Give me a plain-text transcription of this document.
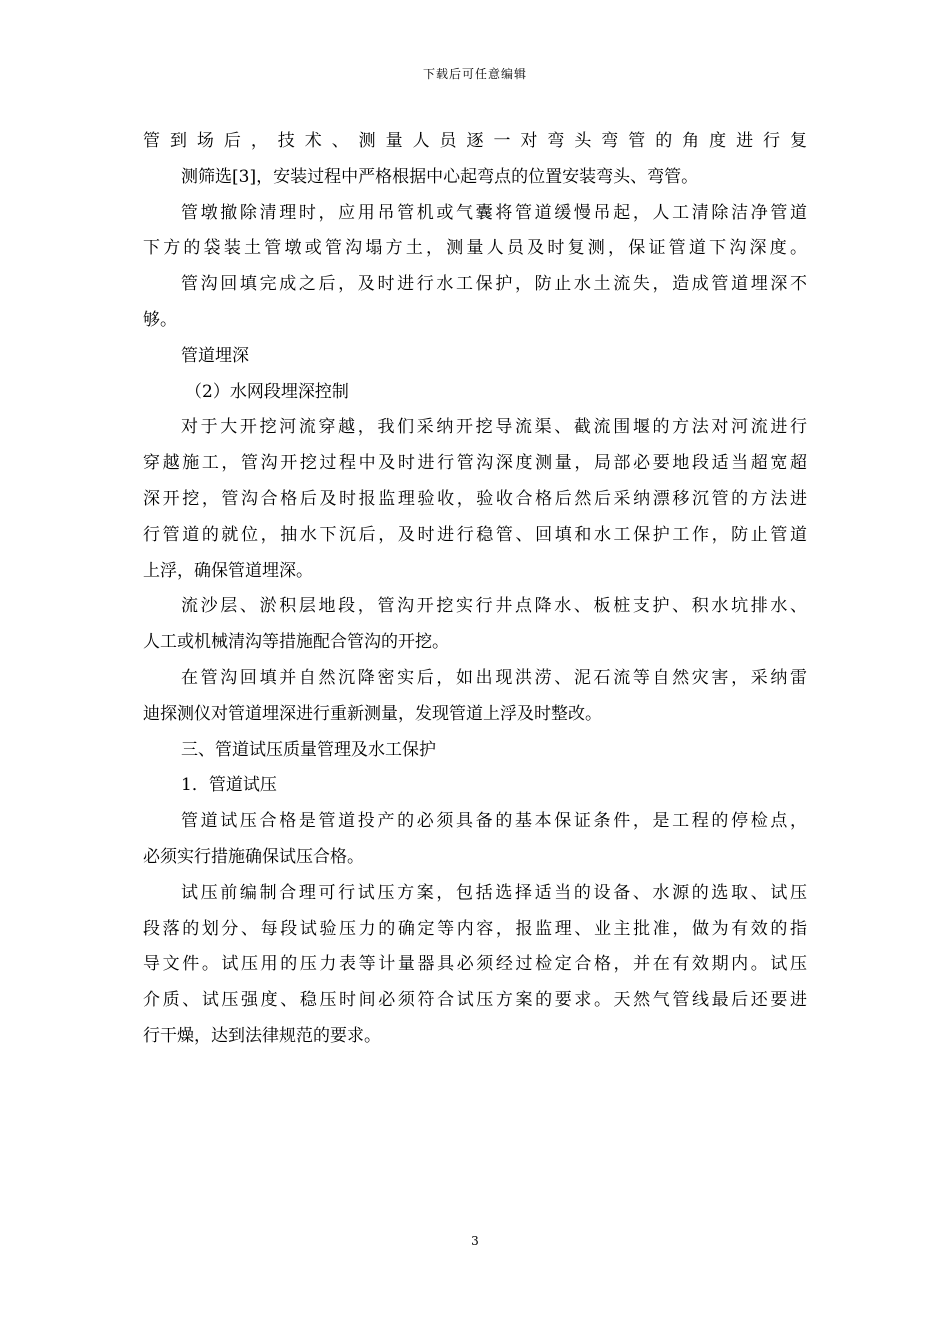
下载后可任意编辑
管到场后，技术、测量人员逐一对弯头弯管的角度进行复
测筛选[3]，安装过程中严格根据中心起弯点的位置安装弯头、弯管。
管墩撤除清理时，应用吊管机或气囊将管道缓慢吊起，人工清除洁净管道
下方的袋装土管墩或管沟塌方土，测量人员及时复测，保证管道下沟深度。
管沟回填完成之后，及时进行水工保护，防止水土流失，造成管道埋深不
够。
管道埋深
（2）水网段埋深控制
对于大开挖河流穿越，我们采纳开挖导流渠、截流围堰的方法对河流进行
穿越施工，管沟开挖过程中及时进行管沟深度测量，局部必要地段适当超宽超
深开挖，管沟合格后及时报监理验收，验收合格后然后采纳漂移沉管的方法进
行管道的就位，抽水下沉后，及时进行稳管、回填和水工保护工作，防止管道
上浮，确保管道埋深。
流沙层、淤积层地段，管沟开挖实行井点降水、板桩支护、积水坑排水、
人工或机械清沟等措施配合管沟的开挖。
在管沟回填并自然沉降密实后，如出现洪涝、泥石流等自然灾害，采纳雷
迪探测仪对管道埋深进行重新测量，发现管道上浮及时整改。
三、管道试压质量管理及水工保护
1．管道试压
管道试压合格是管道投产的必须具备的基本保证条件，是工程的停检点，
必须实行措施确保试压合格。
试压前编制合理可行试压方案，包括选择适当的设备、水源的选取、试压
段落的划分、每段试验压力的确定等内容，报监理、业主批准，做为有效的指
导文件。试压用的压力表等计量器具必须经过检定合格，并在有效期内。试压
介质、试压强度、稳压时间必须符合试压方案的要求。天然气管线最后还要进
行干燥，达到法律规范的要求。
3
